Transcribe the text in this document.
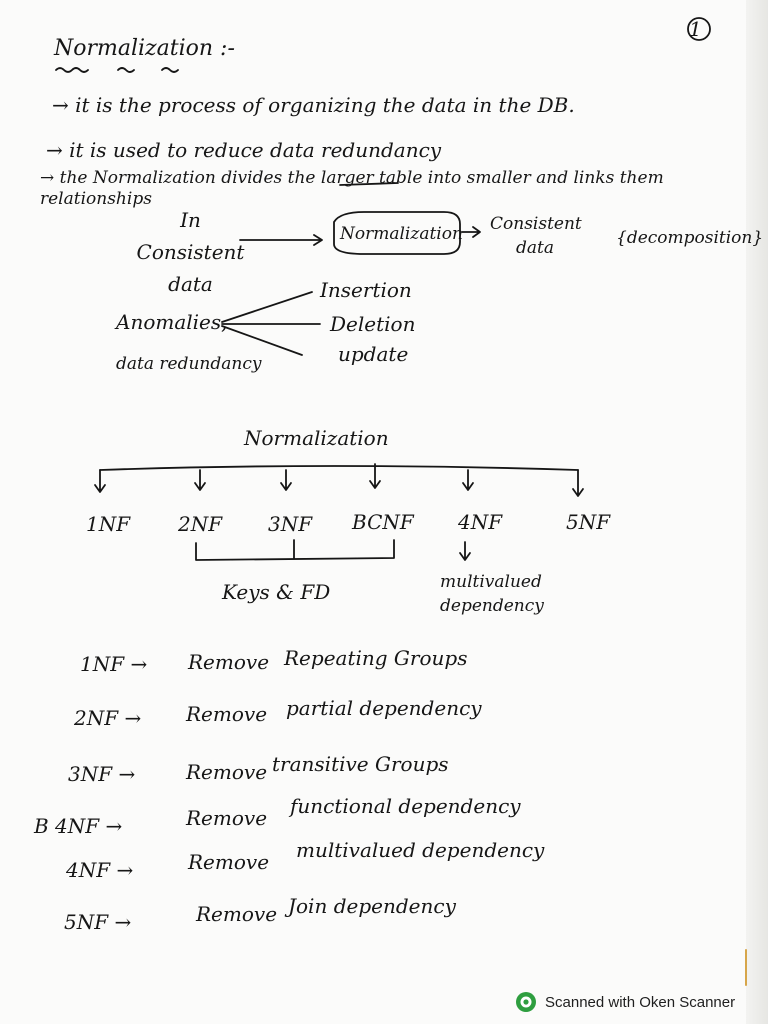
1
Normalization :-
→ it is the process of organizing the data in the DB.
→ it is used to reduce data redundancy
→ the Normalization divides the larger table into smaller and links them relationships
In Consistent data
Normalization Consistent data	{decomposition}
Anomalies,
data redundancy
Insertion
Deletion
update
Normalization
1NF 2NF 3NF BCNF 4NF	5NF
Keys & FD	multivalued dependency
1NF → Remove Repeating Groups
2NF → Remove partial dependency
3NF →	Remove transitive Groups
B 4NF →	Remove functional dependency
4NF →	Remove multivalued dependency
5NF →	Remove Join dependency
Scanned with Oken Scanner
